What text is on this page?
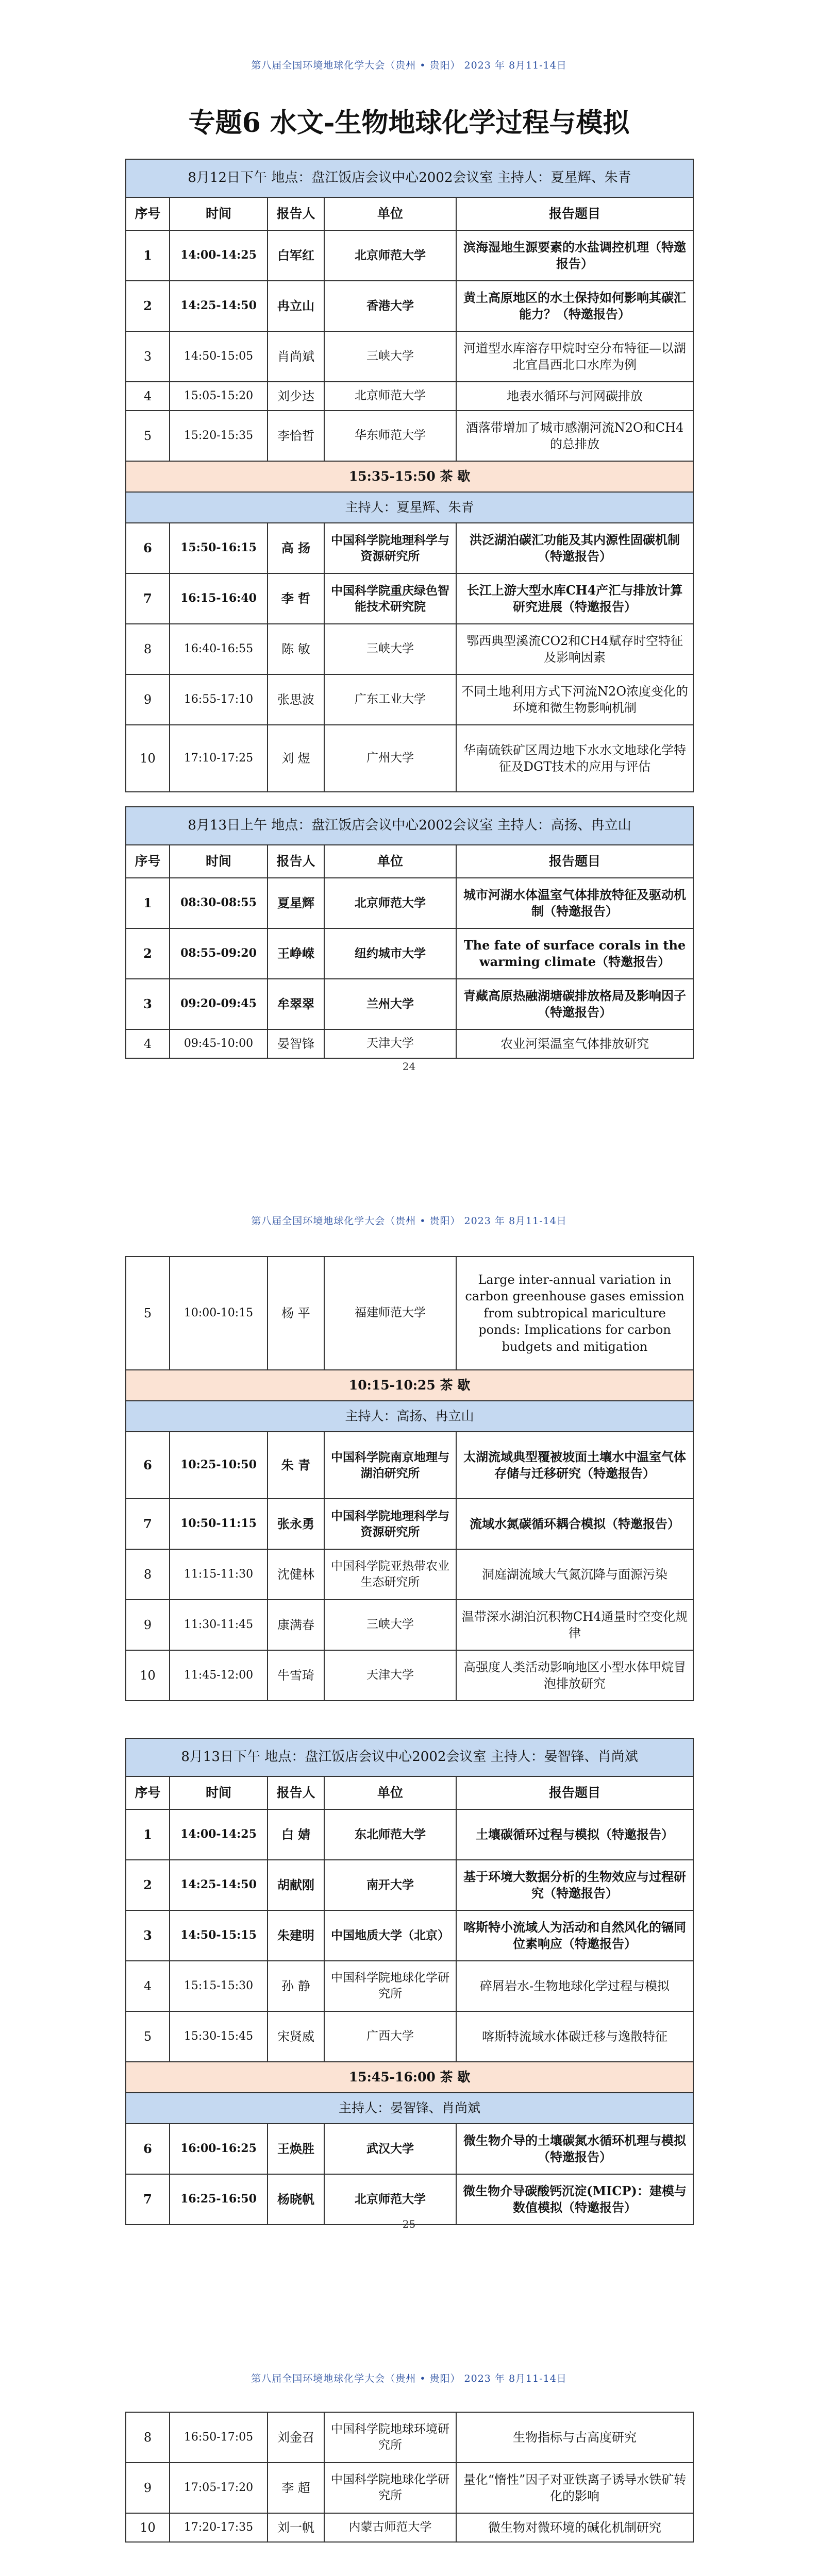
第八届全国环境地球化学大会（贵州 • 贵阳） 2023 年 8月11-14日
专题6 水文-生物地球化学过程与模拟
8月12日下午 地点：盘江饭店会议中心2002会议室 主持人：夏星辉、朱青				
序号	时间	报告人	单位	报告题目
1	14:00-14:25	白军红	北京师范大学	滨海湿地生源要素的水盐调控机理（特邀报告）
2	14:25-14:50	冉立山	香港大学	黄土高原地区的水土保持如何影响其碳汇能力？（特邀报告）
3	14:50-15:05	肖尚斌	三峡大学	河道型水库溶存甲烷时空分布特征—以湖北宜昌西北口水库为例
4	15:05-15:20	刘少达	北京师范大学	地表水循环与河网碳排放
5	15:20-15:35	李恰哲	华东师范大学	酒落带增加了城市感潮河流N2O和CH4的总排放
15:35-15:50 茶 歇				
主持人：夏星辉、朱青				
6	15:50-16:15	高 扬	中国科学院地理科学与资源研究所	洪泛湖泊碳汇功能及其内源性固碳机制（特邀报告）
7	16:15-16:40	李 哲	中国科学院重庆绿色智能技术研究院	长江上游大型水库CH4产汇与排放计算研究进展（特邀报告）
8	16:40-16:55	陈 敏	三峡大学	鄂西典型溪流CO2和CH4赋存时空特征及影响因素
9	16:55-17:10	张思波	广东工业大学	不同土地利用方式下河流N2O浓度变化的环境和微生物影响机制
10	17:10-17:25	刘 煜	广州大学	华南硫铁矿区周边地下水水文地球化学特征及DGT技术的应用与评估
8月13日上午 地点：盘江饭店会议中心2002会议室 主持人：高扬、冉立山				
序号	时间	报告人	单位	报告题目
1	08:30-08:55	夏星辉	北京师范大学	城市河湖水体温室气体排放特征及驱动机制（特邀报告）
2	08:55-09:20	王峥嵘	纽约城市大学	The fate of surface corals in the warming climate（特邀报告）
3	09:20-09:45	牟翠翠	兰州大学	青藏高原热融湖塘碳排放格局及影响因子（特邀报告）
4	09:45-10:00	晏智锋	天津大学	农业河渠温室气体排放研究
24
第八届全国环境地球化学大会（贵州 • 贵阳） 2023 年 8月11-14日
5	10:00-10:15	杨 平	福建师范大学	Large inter-annual variation in carbon greenhouse gases emission from subtropical mariculture ponds: Implications for carbon budgets and mitigation
10:15-10:25 茶 歇				
主持人：高扬、冉立山				
6	10:25-10:50	朱 青	中国科学院南京地理与湖泊研究所	太湖流域典型覆被坡面土壤水中温室气体存储与迁移研究（特邀报告）
7	10:50-11:15	张永勇	中国科学院地理科学与资源研究所	流域水氮碳循环耦合模拟（特邀报告）
8	11:15-11:30	沈健林	中国科学院亚热带农业生态研究所	洞庭湖流域大气氮沉降与面源污染
9	11:30-11:45	康满春	三峡大学	温带深水湖泊沉积物CH4通量时空变化规律
10	11:45-12:00	牛雪琦	天津大学	高强度人类活动影响地区小型水体甲烷冒泡排放研究
8月13日下午 地点：盘江饭店会议中心2002会议室 主持人：晏智锋、肖尚斌				
序号	时间	报告人	单位	报告题目
1	14:00-14:25	白 婧	东北师范大学	土壤碳循环过程与模拟（特邀报告）
2	14:25-14:50	胡献刚	南开大学	基于环境大数据分析的生物效应与过程研究（特邀报告）
3	14:50-15:15	朱建明	中国地质大学（北京）	喀斯特小流域人为活动和自然风化的镉同位素响应（特邀报告）
4	15:15-15:30	孙 静	中国科学院地球化学研究所	碎屑岩水-生物地球化学过程与模拟
5	15:30-15:45	宋贤威	广西大学	喀斯特流域水体碳迁移与逸散特征
15:45-16:00 茶 歇				
主持人：晏智锋、肖尚斌				
6	16:00-16:25	王焕胜	武汉大学	微生物介导的土壤碳氮水循环机理与模拟（特邀报告）
7	16:25-16:50	杨晓帆	北京师范大学	微生物介导碳酸钙沉淀(MICP)：建模与数值模拟（特邀报告）
25
第八届全国环境地球化学大会（贵州 • 贵阳） 2023 年 8月11-14日
8	16:50-17:05	刘金召	中国科学院地球环境研究所	生物指标与古高度研究
9	17:05-17:20	李 超	中国科学院地球化学研究所	量化“惰性”因子对亚铁离子诱导水铁矿转化的影响
10	17:20-17:35	刘一帆	内蒙古师范大学	微生物对微环境的碱化机制研究
